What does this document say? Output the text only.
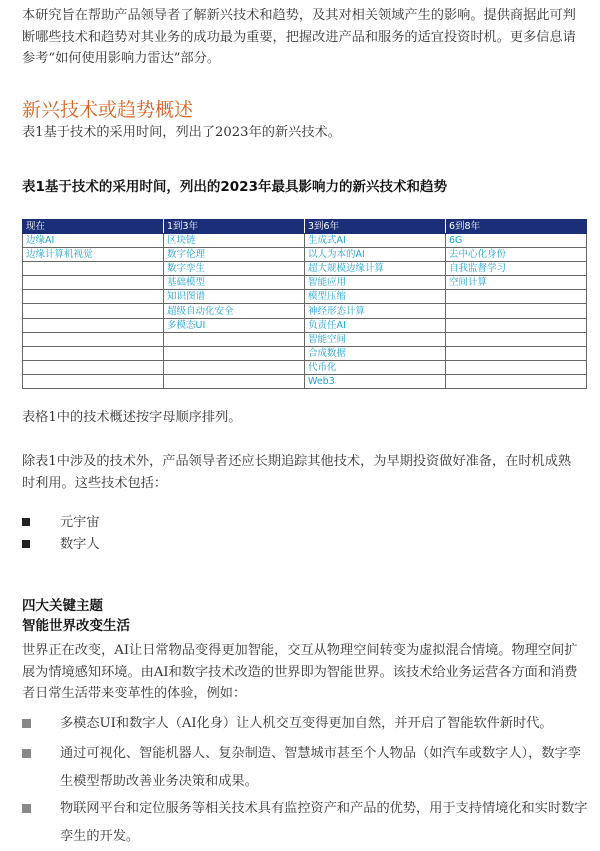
本研究旨在帮助产品领导者了解新兴技术和趋势，及其对相关领域产生的影响。提供商据此可判断哪些技术和趋势对其业务的成功最为重要，把握改进产品和服务的适宜投资时机。更多信息请参考“如何使用影响力雷达”部分。

新兴技术或趋势概述

表1基于技术的采用时间，列出了2023年的新兴技术。

表1基于技术的采用时间，列出的2023年最具影响力的新兴技术和趋势

现在	1到3年	3到6年	6到8年
边缘AI	区块链	生成式AI	6G
边缘计算机视觉	数字伦理	以人为本的AI	去中心化身份
	数字孪生	超大规模边缘计算	自我监督学习
	基础模型	智能应用	空间计算
	知识图谱	模型压缩	
	超级自动化安全	神经形态计算	
	多模态UI	负责任AI	
		智能空间	
		合成数据	
		代币化	
		Web3	

表格1中的技术概述按字母顺序排列。

除表1中涉及的技术外，产品领导者还应长期追踪其他技术，为早期投资做好准备，在时机成熟时利用。这些技术包括：

元宇宙
数字人

四大关键主题

智能世界改变生活

世界正在改变，AI让日常物品变得更加智能，交互从物理空间转变为虚拟混合情境。物理空间扩展为情境感知环境。由AI和数字技术改造的世界即为智能世界。该技术给业务运营各方面和消费者日常生活带来变革性的体验，例如：

多模态UI和数字人（AI化身）让人机交互变得更加自然，并开启了智能软件新时代。
通过可视化、智能机器人、复杂制造、智慧城市甚至个人物品（如汽车或数字人），数字孪生模型帮助改善业务决策和成果。
物联网平台和定位服务等相关技术具有监控资产和产品的优势，用于支持情境化和实时数字孪生的开发。
